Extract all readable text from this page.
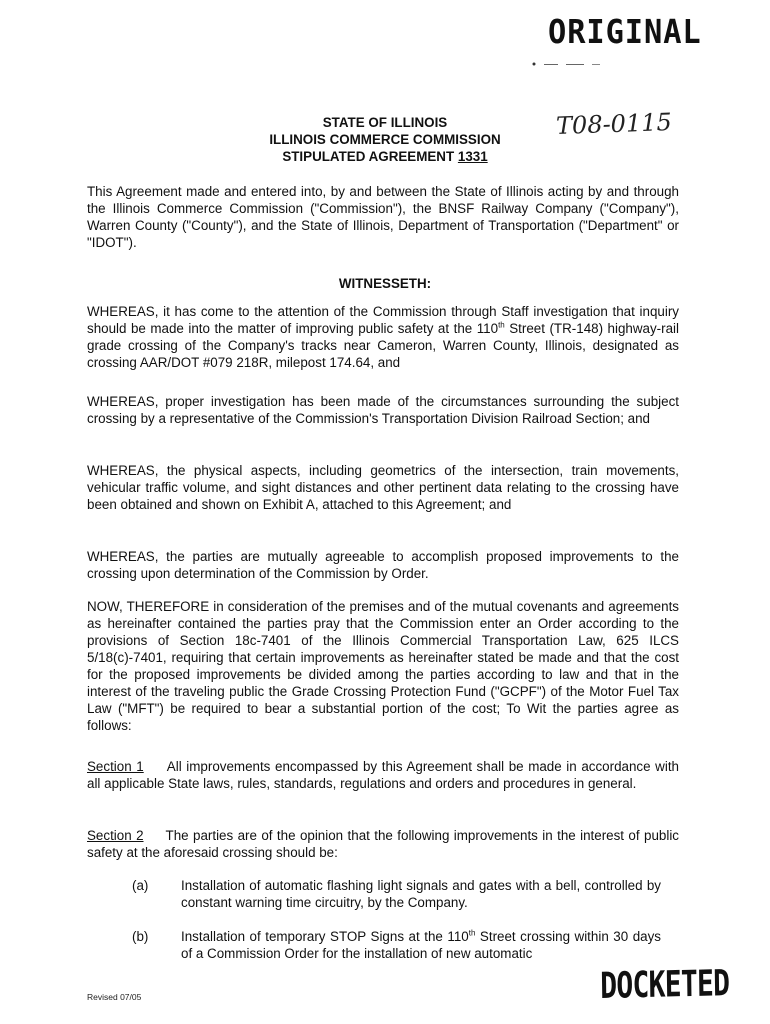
ORIGINAL
T08-0115
STATE OF ILLINOIS
ILLINOIS COMMERCE COMMISSION
STIPULATED AGREEMENT 1331

This Agreement made and entered into, by and between the State of Illinois acting by and through the Illinois Commerce Commission ("Commission"), the BNSF Railway Company ("Company"), Warren County ("County"), and the State of Illinois, Department of Transportation ("Department" or "IDOT").

WITNESSETH:

WHEREAS, it has come to the attention of the Commission through Staff investigation that inquiry should be made into the matter of improving public safety at the 110th Street (TR-148) highway-rail grade crossing of the Company's tracks near Cameron, Warren County, Illinois, designated as crossing AAR/DOT #079 218R, milepost 174.64, and

WHEREAS, proper investigation has been made of the circumstances surrounding the subject crossing by a representative of the Commission's Transportation Division Railroad Section; and

WHEREAS, the physical aspects, including geometrics of the intersection, train movements, vehicular traffic volume, and sight distances and other pertinent data relating to the crossing have been obtained and shown on Exhibit A, attached to this Agreement; and

WHEREAS, the parties are mutually agreeable to accomplish proposed improvements to the crossing upon determination of the Commission by Order.

NOW, THEREFORE in consideration of the premises and of the mutual covenants and agreements as hereinafter contained the parties pray that the Commission enter an Order according to the provisions of Section 18c-7401 of the Illinois Commercial Transportation Law, 625 ILCS 5/18(c)-7401, requiring that certain improvements as hereinafter stated be made and that the cost for the proposed improvements be divided among the parties according to law and that in the interest of the traveling public the Grade Crossing Protection Fund ("GCPF") of the Motor Fuel Tax Law ("MFT") be required to bear a substantial portion of the cost; To Wit the parties agree as follows:

Section 1 All improvements encompassed by this Agreement shall be made in accordance with all applicable State laws, rules, standards, regulations and orders and procedures in general.

Section 2 The parties are of the opinion that the following improvements in the interest of public safety at the aforesaid crossing should be:

(a) Installation of automatic flashing light signals and gates with a bell, controlled by constant warning time circuitry, by the Company.
(b) Installation of temporary STOP Signs at the 110th Street crossing within 30 days of a Commission Order for the installation of new automatic
Revised 07/05	DOCKETED
